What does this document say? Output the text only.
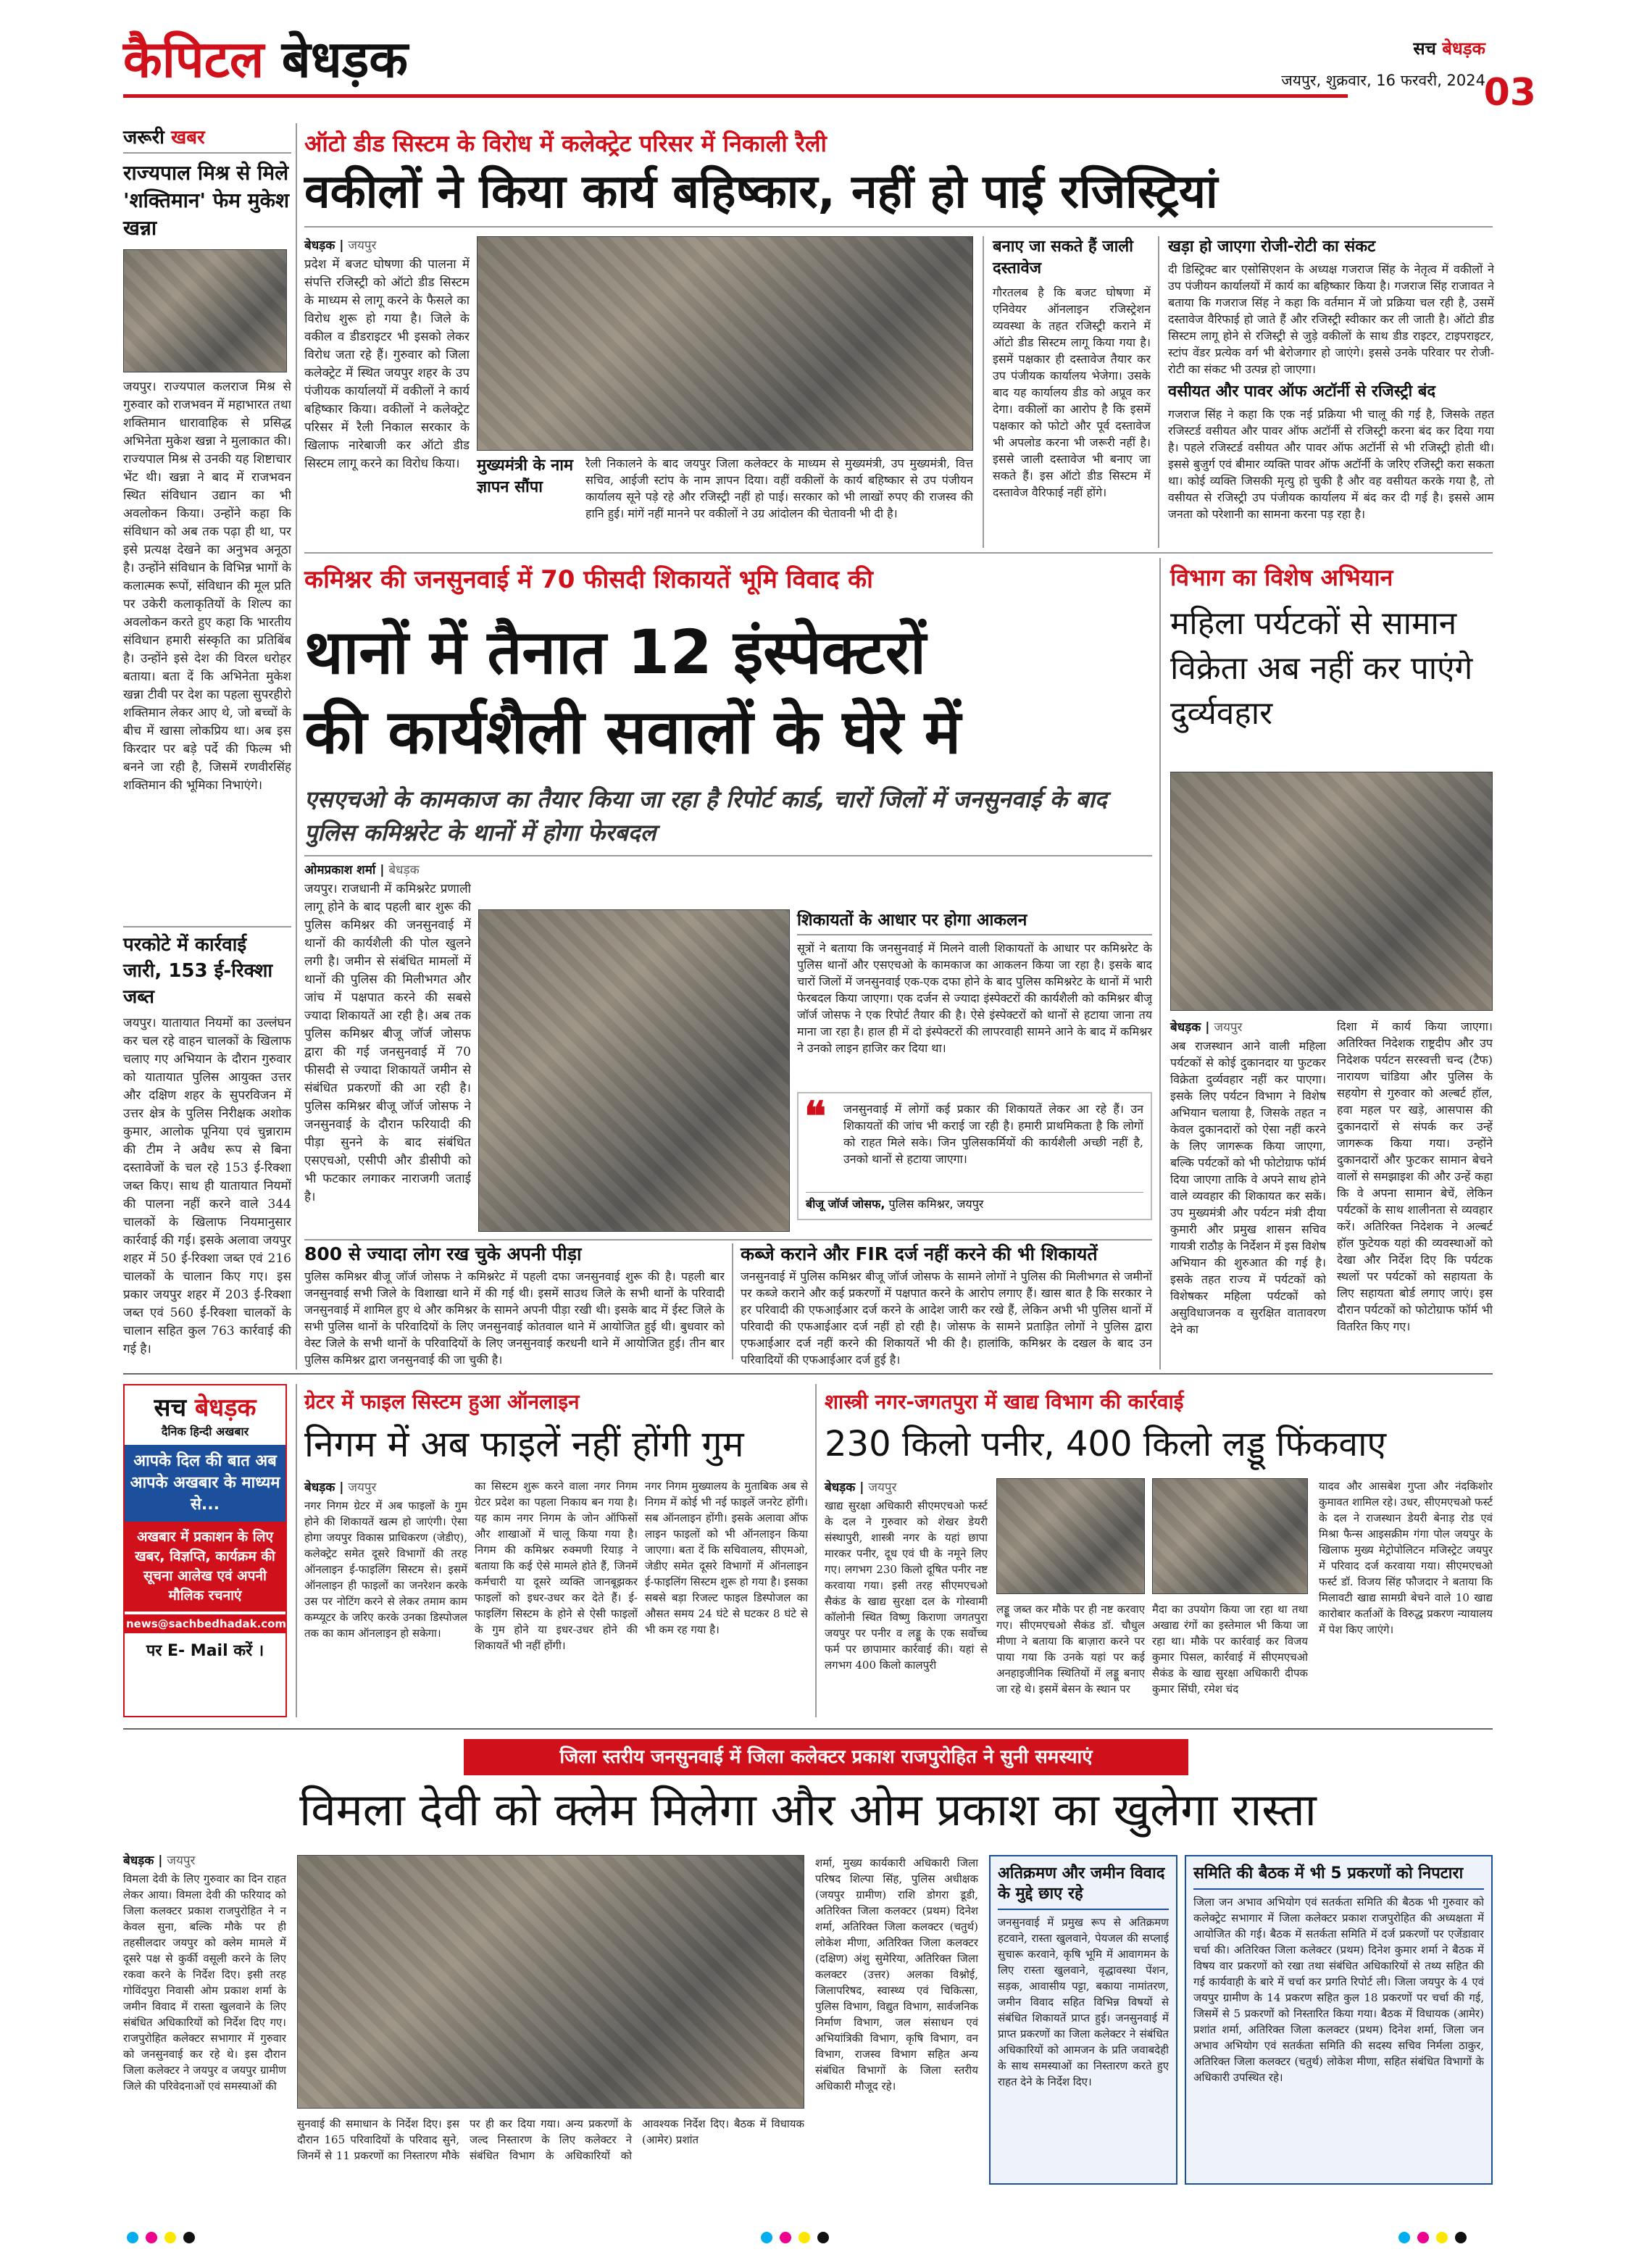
कैपिटल बेधड़क	सच बेधड़क
जयपुर, शुक्रवार, 16 फरवरी, 2024
03
जरूरी खबर
राज्यपाल मिश्र से मिले 'शक्तिमान' फेम मुकेश खन्ना
जयपुर। राज्यपाल कलराज मिश्र से गुरुवार को राजभवन में महाभारत तथा शक्तिमान धारावाहिक से प्रसिद्ध अभिनेता मुकेश खन्ना ने मुलाकात की। राज्यपाल मिश्र से उनकी यह शिष्टाचार भेंट थी। खन्ना ने बाद में राजभवन स्थित संविधान उद्यान का भी अवलोकन किया। उन्होंने कहा कि संविधान को अब तक पढ़ा ही था, पर इसे प्रत्यक्ष देखने का अनुभव अनूठा है। उन्होंने संविधान के विभिन्न भागों के कलात्मक रूपों, संविधान की मूल प्रति पर उकेरी कलाकृतियों के शिल्प का अवलोकन करते हुए कहा कि भारतीय संविधान हमारी संस्कृति का प्रतिबिंब है। उन्होंने इसे देश की विरल धरोहर बताया। बता दें कि अभिनेता मुकेश खन्ना टीवी पर देश का पहला सुपरहीरो शक्तिमान लेकर आए थे, जो बच्चों के बीच में खासा लोकप्रिय था। अब इस किरदार पर बड़े पर्दे की फिल्म भी बनने जा रही है, जिसमें रणवीरसिंह शक्तिमान की भूमिका निभाएंगे।
परकोटे में कार्रवाई जारी, 153 ई-रिक्शा जब्त
जयपुर। यातायात नियमों का उल्लंघन कर चल रहे वाहन चालकों के खिलाफ चलाए गए अभियान के दौरान गुरुवार को यातायात पुलिस आयुक्त उत्तर और दक्षिण शहर के सुपरविजन में उत्तर क्षेत्र के पुलिस निरीक्षक अशोक कुमार, आलोक पूनिया एवं चुन्नाराम की टीम ने अवैध रूप से बिना दस्तावेजों के चल रहे 153 ई-रिक्शा जब्त किए। साथ ही यातायात नियमों की पालना नहीं करने वाले 344 चालकों के खिलाफ नियमानुसार कार्रवाई की गई। इसके अलावा जयपुर शहर में 50 ई-रिक्शा जब्त एवं 216 चालकों के चालान किए गए। इस प्रकार जयपुर शहर में 203 ई-रिक्शा जब्त एवं 560 ई-रिक्शा चालकों के चालान सहित कुल 763 कार्रवाई की गई है।
ऑटो डीड सिस्टम के विरोध में कलेक्ट्रेट परिसर में निकाली रैली
वकीलों ने किया कार्य बहिष्कार, नहीं हो पाई रजिस्ट्रियां
बेधड़क | जयपुर
प्रदेश में बजट घोषणा की पालना में संपत्ति रजिस्ट्री को ऑटो डीड सिस्टम के माध्यम से लागू करने के फैसले का विरोध शुरू हो गया है। जिले के वकील व डीडराइटर भी इसको लेकर विरोध जता रहे हैं। गुरुवार को जिला कलेक्ट्रेट में स्थित जयपुर शहर के उप पंजीयक कार्यालयों में वकीलों ने कार्य बहिष्कार किया। वकीलों ने कलेक्ट्रेट परिसर में रैली निकाल सरकार के खिलाफ नारेबाजी कर ऑटो डीड सिस्टम लागू करने का विरोध किया।	मुख्यमंत्री के नाम ज्ञापन सौंपा
रैली निकालने के बाद जयपुर जिला कलेक्टर के माध्यम से मुख्यमंत्री, उप मुख्यमंत्री, वित्त सचिव, आईजी स्टांप के नाम ज्ञापन दिया। वहीं वकीलों के कार्य बहिष्कार से उप पंजीयन कार्यालय सूने पड़े रहे और रजिस्ट्री नहीं हो पाई। सरकार को भी लाखों रुपए की राजस्व की हानि हुई। मांगें नहीं मानने पर वकीलों ने उग्र आंदोलन की चेतावनी भी दी है।
बनाए जा सकते हैं जाली दस्तावेज
गौरतलब है कि बजट घोषणा में एनिवेयर ऑनलाइन रजिस्ट्रेशन व्यवस्था के तहत रजिस्ट्री कराने में ऑटो डीड सिस्टम लागू किया गया है। इसमें पक्षकार ही दस्तावेज तैयार कर उप पंजीयक कार्यालय भेजेगा। उसके बाद यह कार्यालय डीड को अप्रूव कर देगा। वकीलों का आरोप है कि इसमें पक्षकार को फोटो और पूर्व दस्तावेज भी अपलोड करना भी जरूरी नहीं है। इससे जाली दस्तावेज भी बनाए जा सकते हैं। इस ऑटो डीड सिस्टम में दस्तावेज वैरिफाई नहीं होंगे।
खड़ा हो जाएगा रोजी-रोटी का संकट
दी डिस्ट्रिक्ट बार एसोसिएशन के अध्यक्ष गजराज सिंह के नेतृत्व में वकीलों ने उप पंजीयन कार्यालयों में कार्य का बहिष्कार किया है। गजराज सिंह राजावत ने बताया कि गजराज सिंह ने कहा कि वर्तमान में जो प्रक्रिया चल रही है, उसमें दस्तावेज वैरिफाई हो जाते हैं और रजिस्ट्री स्वीकार कर ली जाती है। ऑटो डीड सिस्टम लागू होने से रजिस्ट्री से जुड़े वकीलों के साथ डीड राइटर, टाइपराइटर, स्टांप वेंडर प्रत्येक वर्ग भी बेरोजगार हो जाएंगे। इससे उनके परिवार पर रोजी-रोटी का संकट भी उत्पन्न हो जाएगा।
वसीयत और पावर ऑफ अटॉर्नी से रजिस्ट्री बंद
गजराज सिंह ने कहा कि एक नई प्रक्रिया भी चालू की गई है, जिसके तहत रजिस्टर्ड वसीयत और पावर ऑफ अटॉर्नी से रजिस्ट्री करना बंद कर दिया गया है। पहले रजिस्टर्ड वसीयत और पावर ऑफ अटॉर्नी से भी रजिस्ट्री होती थी। इससे बुजुर्ग एवं बीमार व्यक्ति पावर ऑफ अटॉर्नी के जरिए रजिस्ट्री करा सकता था। कोई व्यक्ति जिसकी मृत्यु हो चुकी है और वह वसीयत करके गया है, तो वसीयत से रजिस्ट्री उप पंजीयक कार्यालय में बंद कर दी गई है। इससे आम जनता को परेशानी का सामना करना पड़ रहा है।
कमिश्नर की जनसुनवाई में 70 फीसदी शिकायतें भूमि विवाद की
थानों में तैनात 12 इंस्पेक्टरों
की कार्यशैली सवालों के घेरे में
एसएचओ के कामकाज का तैयार किया जा रहा है रिपोर्ट कार्ड, चारों जिलों में जनसुनवाई के बाद पुलिस कमिश्नरेट के थानों में होगा फेरबदल
ओमप्रकाश शर्मा | बेधड़क
जयपुर। राजधानी में कमिश्नरेट प्रणाली लागू होने के बाद पहली बार शुरू की पुलिस कमिश्नर की जनसुनवाई में थानों की कार्यशैली की पोल खुलने लगी है। जमीन से संबंधित मामलों में थानों की पुलिस की मिलीभगत और जांच में पक्षपात करने की सबसे ज्यादा शिकायतें आ रही है। अब तक पुलिस कमिश्नर बीजू जॉर्ज जोसफ द्वारा की गई जनसुनवाई में 70 फीसदी से ज्यादा शिकायतें जमीन से संबंधित प्रकरणों की आ रही है। पुलिस कमिश्नर बीजू जॉर्ज जोसफ ने जनसुनवाई के दौरान फरियादी की पीड़ा सुनने के बाद संबंधित एसएचओ, एसीपी और डीसीपी को भी फटकार लगाकर नाराजगी जताई है।
शिकायतों के आधार पर होगा आकलन
सूत्रों ने बताया कि जनसुनवाई में मिलने वाली शिकायतों के आधार पर कमिश्नरेट के पुलिस थानों और एसएचओ के कामकाज का आकलन किया जा रहा है। इसके बाद चारों जिलों में जनसुनवाई एक-एक दफा होने के बाद पुलिस कमिश्नरेट के थानों में भारी फेरबदल किया जाएगा। एक दर्जन से ज्यादा इंस्पेक्टरों की कार्यशैली को कमिश्नर बीजू जॉर्ज जोसफ ने एक रिपोर्ट तैयार की है। ऐसे इंस्पेक्टरों को थानों से हटाया जाना तय माना जा रहा है। हाल ही में दो इंस्पेक्टरों की लापरवाही सामने आने के बाद में कमिश्नर ने उनको लाइन हाजिर कर दिया था।
❝ जनसुनवाई में लोगों कई प्रकार की शिकायतें लेकर आ रहे हैं। उन शिकायतों की जांच भी कराई जा रही है। हमारी प्राथमिकता है कि लोगों को राहत मिले सके। जिन पुलिसकर्मियों की कार्यशैली अच्छी नहीं है, उनको थानों से हटाया जाएगा।
बीजू जॉर्ज जोसफ, पुलिस कमिश्नर, जयपुर
800 से ज्यादा लोग रख चुके अपनी पीड़ा
पुलिस कमिश्नर बीजू जॉर्ज जोसफ ने कमिश्नरेट में पहली दफा जनसुनवाई शुरू की है। पहली बार जनसुनवाई सभी जिले के विशाखा थाने में की गई थी। इसमें साउथ जिले के सभी थानों के परिवादी जनसुनवाई में शामिल हुए थे और कमिश्नर के सामने अपनी पीड़ा रखी थी। इसके बाद में ईस्ट जिले के सभी पुलिस थानों के परिवादियों के लिए जनसुनवाई कोतवाल थाने में आयोजित हुई थी। बुधवार को वेस्ट जिले के सभी थानों के परिवादियों के लिए जनसुनवाई करधनी थाने में आयोजित हुई। तीन बार पुलिस कमिश्नर द्वारा जनसुनवाई की जा चुकी है।
कब्जे कराने और FIR दर्ज नहीं करने की भी शिकायतें
जनसुनवाई में पुलिस कमिश्नर बीजू जॉर्ज जोसफ के सामने लोगों ने पुलिस की मिलीभगत से जमीनों पर कब्जे कराने और कई प्रकरणों में पक्षपात करने के आरोप लगाए हैं। खास बात है कि सरकार ने हर परिवादी की एफआईआर दर्ज करने के आदेश जारी कर रखे हैं, लेकिन अभी भी पुलिस थानों में परिवादी की एफआईआर दर्ज नहीं हो रही है। जोसफ के सामने प्रताड़ित लोगों ने पुलिस द्वारा एफआईआर दर्ज नहीं करने की शिकायतें भी की है। हालांकि, कमिश्नर के दखल के बाद उन परिवादियों की एफआईआर दर्ज हुई है।
विभाग का विशेष अभियान
महिला पर्यटकों से सामान विक्रेता अब नहीं कर पाएंगे दुर्व्यवहार
बेधड़क | जयपुर
अब राजस्थान आने वाली महिला पर्यटकों से कोई दुकानदार या फुटकर विक्रेता दुर्व्यवहार नहीं कर पाएगा। इसके लिए पर्यटन विभाग ने विशेष अभियान चलाया है, जिसके तहत न केवल दुकानदारों को ऐसा नहीं करने के लिए जागरूक किया जाएगा, बल्कि पर्यटकों को भी फोटोग्राफ फॉर्म दिया जाएगा ताकि वे अपने साथ होने वाले व्यवहार की शिकायत कर सकें। उप मुख्यमंत्री और पर्यटन मंत्री दीया कुमारी और प्रमुख शासन सचिव गायत्री राठौड़ के निर्देशन में इस विशेष अभियान की शुरुआत की गई है। इसके तहत राज्य में पर्यटकों को विशेषकर महिला पर्यटकों को असुविधाजनक व सुरक्षित वातावरण देने का
दिशा में कार्य किया जाएगा। अतिरिक्त निदेशक राष्ट्रदीप और उप निदेशक पर्यटन सरस्वत्ती चन्द (टैफ) नारायण चांडिया और पुलिस के सहयोग से गुरुवार को अल्बर्ट हॉल, हवा महल पर खड़े, आसपास की दुकानदारों से संपर्क कर उन्हें जागरूक किया गया। उन्होंने दुकानदारों और फुटकर सामान बेचने वालों से समझाइश की और उन्हें कहा कि वे अपना सामान बेचें, लेकिन पर्यटकों के साथ शालीनता से व्यवहार करें। अतिरिक्त निदेशक ने अल्बर्ट हॉल फुटेयक यहां की व्यवस्थाओं को देखा और निर्देश दिए कि पर्यटक स्थलों पर पर्यटकों को सहायता के लिए सहायता बोर्ड लगाए जाएं। इस दौरान पर्यटकों को फोटोग्राफ फॉर्म भी वितरित किए गए।
सच बेधड़क
दैनिक हिन्दी अखबार
आपके दिल की बात अब आपके अखबार के माध्यम से...
अखबार में प्रकाशन के लिए खबर, विज्ञप्ति, कार्यक्रम की सूचना आलेख एवं अपनी मौलिक रचनाएं
news@sachbedhadak.com
पर E- Mail करें ।
ग्रेटर में फाइल सिस्टम हुआ ऑनलाइन
निगम में अब फाइलें नहीं होंगी गुम
बेधड़क | जयपुर
नगर निगम ग्रेटर में अब फाइलों के गुम होने की शिकायतें खत्म हो जाएंगी। ऐसा होगा जयपुर विकास प्राधिकरण (जेडीए), कलेक्ट्रेट समेत दूसरे विभागों की तरह ऑनलाइन ई-फाइलिंग सिस्टम से। इसमें ऑनलाइन ही फाइलों का जनरेशन करके उस पर नोटिंग करने से लेकर तमाम काम कम्प्यूटर के जरिए करके उनका डिस्पोजल तक का काम ऑनलाइन हो सकेगा।
का सिस्टम शुरू करने वाला नगर निगम ग्रेटर प्रदेश का पहला निकाय बन गया है। यह काम नगर निगम के जोन ऑफिसों और शाखाओं में चालू किया गया है। निगम की कमिश्नर रुक्मणी रियाड़ ने बताया कि कई ऐसे मामले होते हैं, जिनमें कर्मचारी या दूसरे व्यक्ति जानबूझकर फाइलों को इधर-उधर कर देते हैं। ई-फाइलिंग सिस्टम के होने से ऐसी फाइलों के गुम होने या इधर-उधर होने की शिकायतें भी नहीं होंगी।
नगर निगम मुख्यालय के मुताबिक अब से निगम में कोई भी नई फाइलें जनरेट होंगी। सब ऑनलाइन होंगी। इसके अलावा ऑफ लाइन फाइलों को भी ऑनलाइन किया जाएगा। बता दें कि सचिवालय, सीएमओ, जेडीए समेत दूसरे विभागों में ऑनलाइन ई-फाइलिंग सिस्टम शुरू हो गया है। इसका सबसे बड़ा रिजल्ट फाइल डिस्पोजल का औसत समय 24 घंटे से घटकर 8 घंटे से भी कम रह गया है।
शास्त्री नगर-जगतपुरा में खाद्य विभाग की कार्रवाई
230 किलो पनीर, 400 किलो लड्डू फिंकवाए
बेधड़क | जयपुर
खाद्य सुरक्षा अधिकारी सीएमएचओ फर्स्ट के दल ने गुरुवार को शेखर डेयरी संस्थापुरी, शास्त्री नगर के यहां छापा मारकर पनीर, दूध एवं घी के नमूने लिए गए। लगभग 230 किलो दूषित पनीर नष्ट करवाया गया। इसी तरह सीएमएचओ सैकंड के खाद्य सुरक्षा दल के गोस्वामी कॉलोनी स्थित विष्णु किराणा जगतपुरा जयपुर पर पनीर व लड्डू के एक सर्वोच्च फर्म पर छापामार कार्रवाई की। यहां से लगभग 400 किलो कालपुरी
लड्डू जब्त कर मौके पर ही नष्ट करवाए गए। सीएमएचओ सैकंड डॉ. चौधुल मीणा ने बताया कि बाज़ारा करने पर पाया गया कि उनके यहां पर कई अनहाइजीनिक स्थितियों में लड्डू बनाए जा रहे थे। इसमें बेसन के स्थान पर
मैदा का उपयोग किया जा रहा था तथा अखाद्य रंगों का इस्तेमाल भी किया जा रहा था। मौके पर कार्रवाई कर विजय कुमार पिसल, कार्रवाई में सीएमएचओ सैकंड के खाद्य सुरक्षा अधिकारी दीपक कुमार सिंघी, रमेश चंद
यादव और आसबेश गुप्ता और नंदकिशोर कुमावत शामिल रहे। उधर, सीएमएचओ फर्स्ट के दल ने राजस्थान डेयरी बेनाड़ रोड एवं मिश्रा फैन्स आइसक्रीम गंगा पोल जयपुर के खिलाफ मुख्य मेट्रोपोलिटन मजिस्ट्रेट जयपुर में परिवाद दर्ज करवाया गया। सीएमएचओ फर्स्ट डॉ. विजय सिंह फौजदार ने बताया कि मिलावटी खाद्य सामग्री बेचने वाले 10 खाद्य कारोबार कर्ताओं के विरुद्ध प्रकरण न्यायालय में पेश किए जाएंगे।
जिला स्तरीय जनसुनवाई में जिला कलेक्टर प्रकाश राजपुरोहित ने सुनी समस्याएं
विमला देवी को क्लेम मिलेगा और ओम प्रकाश का खुलेगा रास्ता
बेधड़क | जयपुर
विमला देवी के लिए गुरुवार का दिन राहत लेकर आया। विमला देवी की फरियाद को जिला कलक्टर प्रकाश राजपुरोहित ने न केवल सुना, बल्कि मौके पर ही तहसीलदार जयपुर को क्लेम मामले में दूसरे पक्ष से कुर्की वसूली करने के लिए रकवा करने के निर्देश दिए। इसी तरह गोविंदपुरा निवासी ओम प्रकाश शर्मा के जमीन विवाद में रास्ता खुलवाने के लिए संबंधित अधिकारियों को निर्देश दिए गए। राजपुरोहित कलेक्टर सभागार में गुरुवार को जनसुनवाई कर रहे थे। इस दौरान जिला कलेक्टर ने जयपुर व जयपुर ग्रामीण जिले की परिवेदनाओं एवं समस्याओं की
सुनवाई की समाधान के निर्देश दिए। इस दौरान 165 परिवादियों के परिवाद सुने, जिनमें से 11 प्रकरणों का निस्तारण मौके पर ही कर दिया गया। अन्य प्रकरणों के जल्द निस्तारण के लिए कलेक्टर ने संबंधित विभाग के अधिकारियों को आवश्यक निर्देश दिए। बैठक में विधायक (आमेर) प्रशांत
शर्मा, मुख्य कार्यकारी अधिकारी जिला परिषद शिल्पा सिंह, पुलिस अधीक्षक (जयपुर ग्रामीण) राशि डोगरा डूडी, अतिरिक्त जिला कलक्टर (प्रथम) दिनेश शर्मा, अतिरिक्त जिला कलक्टर (चतुर्थ) लोकेश मीणा, अतिरिक्त जिला कलक्टर (दक्षिण) अंशु सुमेरिया, अतिरिक्त जिला कलक्टर (उत्तर) अलका विश्नोई, जिलापरिषद, स्वास्थ्य एवं चिकित्सा, पुलिस विभाग, विद्युत विभाग, सार्वजनिक निर्माण विभाग, जल संसाधन एवं अभियांत्रिकी विभाग, कृषि विभाग, वन विभाग, राजस्व विभाग सहित अन्य संबंधित विभागों के जिला स्तरीय अधिकारी मौजूद रहे।
अतिक्रमण और जमीन विवाद के मुद्दे छाए रहे
जनसुनवाई में प्रमुख रूप से अतिक्रमण हटवाने, रास्ता खुलवाने, पेयजल की सप्लाई सुचारू करवाने, कृषि भूमि में आवागमन के लिए रास्ता खुलवाने, वृद्धावस्था पेंशन, सड़क, आवासीय पट्टा, बकाया नामांतरण, जमीन विवाद सहित विभिन्न विषयों से संबंधित शिकायतें प्राप्त हुई। जनसुनवाई में प्राप्त प्रकरणों का जिला कलेक्टर ने संबंधित अधिकारियों को आमजन के प्रति जवाबदेही के साथ समस्याओं का निस्तारण करते हुए राहत देने के निर्देश दिए।
समिति की बैठक में भी 5 प्रकरणों को निपटारा
जिला जन अभाव अभियोग एवं सतर्कता समिति की बैठक भी गुरुवार को कलेक्ट्रेट सभागार में जिला कलेक्टर प्रकाश राजपुरोहित की अध्यक्षता में आयोजित की गई। बैठक में सतर्कता समिति में दर्ज प्रकरणों पर एजेंडावार चर्चा की। अतिरिक्त जिला कलेक्टर (प्रथम) दिनेश कुमार शर्मा ने बैठक में विषय वार प्रकरणों को रखा तथा संबंधित अधिकारियों से तथ्य सहित की गई कार्यवाही के बारे में चर्चा कर प्रगति रिपोर्ट ली। जिला जयपुर के 4 एवं जयपुर ग्रामीण के 14 प्रकरण सहित कुल 18 प्रकरणों पर चर्चा की गई, जिसमें से 5 प्रकरणों को निस्तारित किया गया। बैठक में विधायक (आमेर) प्रशांत शर्मा, अतिरिक्त जिला कलक्टर (प्रथम) दिनेश शर्मा, जिला जन अभाव अभियोग एवं सतर्कता समिति की सदस्य सचिव निर्मला ठाकुर, अतिरिक्त जिला कलक्टर (चतुर्थ) लोकेश मीणा, सहित संबंधित विभागों के अधिकारी उपस्थित रहे।
